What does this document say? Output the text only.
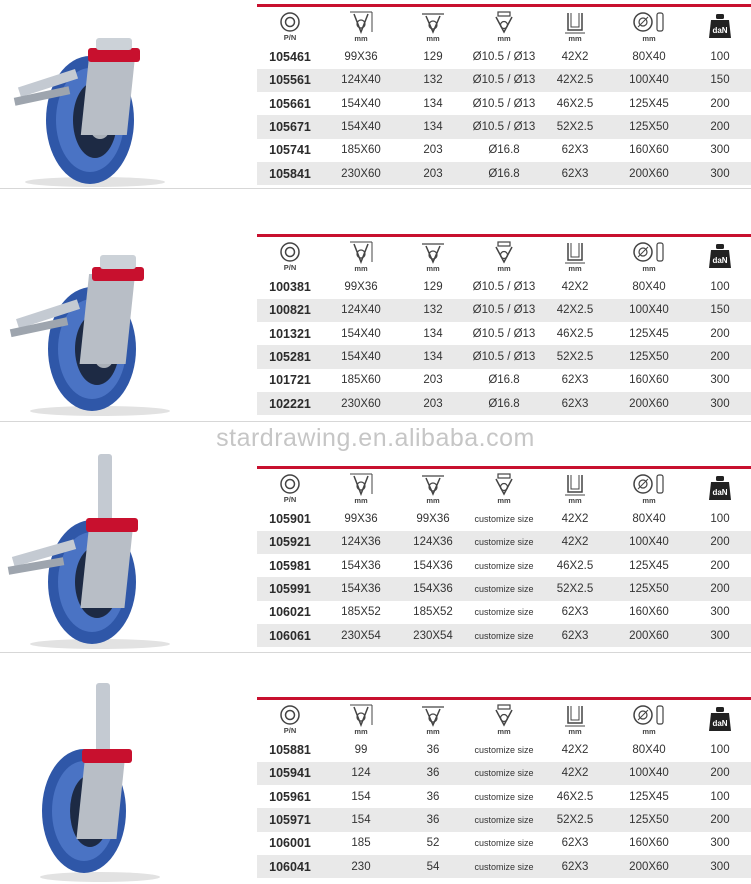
P/N	mm	mm	mm	mm	mm	daN

105461	99X36	129	Ø10.5 / Ø13	42X2	80X40	100
105561	124X40	132	Ø10.5 / Ø13	42X2.5	100X40	150
105661	154X40	134	Ø10.5 / Ø13	46X2.5	125X45	200
105671	154X40	134	Ø10.5 / Ø13	52X2.5	125X50	200
105741	185X60	203	Ø16.8	62X3	160X60	300
105841	230X60	203	Ø16.8	62X3	200X60	300
P/N	mm	mm	mm	mm	mm	daN

100381	99X36	129	Ø10.5 / Ø13	42X2	80X40	100
100821	124X40	132	Ø10.5 / Ø13	42X2.5	100X40	150
101321	154X40	134	Ø10.5 / Ø13	46X2.5	125X45	200
105281	154X40	134	Ø10.5 / Ø13	52X2.5	125X50	200
101721	185X60	203	Ø16.8	62X3	160X60	300
102221	230X60	203	Ø16.8	62X3	200X60	300
stardrawing.en.alibaba.com
P/N	mm	mm	mm	mm	mm	daN

105901	99X36	99X36	customize size	42X2	80X40	100
105921	124X36	124X36	customize size	42X2	100X40	200
105981	154X36	154X36	customize size	46X2.5	125X45	200
105991	154X36	154X36	customize size	52X2.5	125X50	200
106021	185X52	185X52	customize size	62X3	160X60	300
106061	230X54	230X54	customize size	62X3	200X60	300
P/N	mm	mm	mm	mm	mm	daN

105881	99	36	customize size	42X2	80X40	100
105941	124	36	customize size	42X2	100X40	200
105961	154	36	customize size	46X2.5	125X45	100
105971	154	36	customize size	52X2.5	125X50	200
106001	185	52	customize size	62X3	160X60	300
106041	230	54	customize size	62X3	200X60	300
